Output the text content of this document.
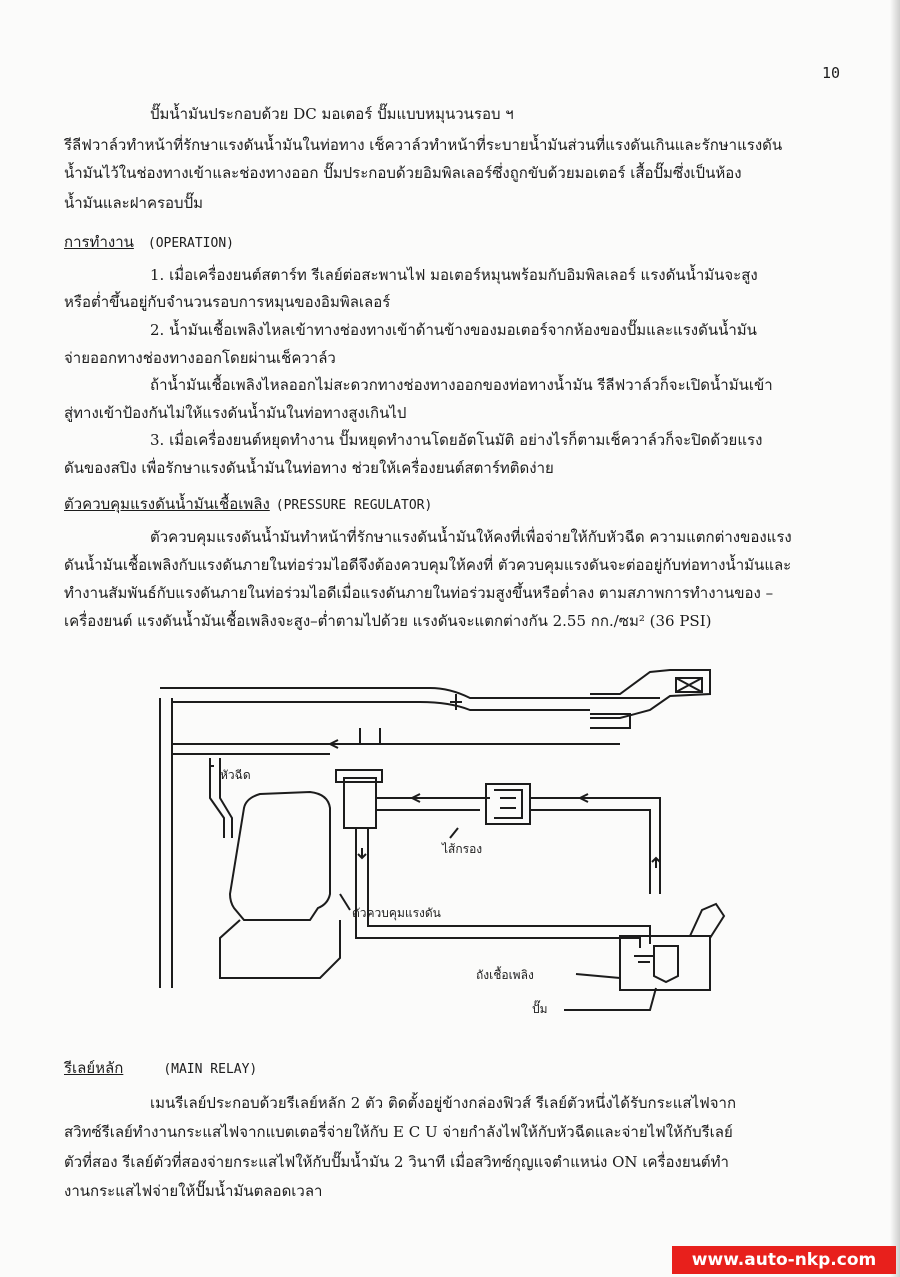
10
ปั๊มน้ำมันประกอบด้วย DC มอเตอร์ ปั๊มแบบหมุนวนรอบ ฯ
รีลีฟวาล์วทำหน้าที่รักษาแรงดันน้ำมันในท่อทาง เช็ควาล์วทำหน้าที่ระบายน้ำมันส่วนที่แรงดันเกินและรักษาแรงดัน
น้ำมันไว้ในช่องทางเข้าและช่องทางออก ปั๊มประกอบด้วยอิมพิลเลอร์ซึ่งถูกขับด้วยมอเตอร์ เสื้อปั๊มซึ่งเป็นห้อง
น้ำมันและฝาครอบปั๊ม
การทำงาน (OPERATION)
1. เมื่อเครื่องยนต์สตาร์ท รีเลย์ต่อสะพานไฟ มอเตอร์หมุนพร้อมกับอิมพิลเลอร์ แรงดันน้ำมันจะสูง
หรือต่ำขึ้นอยู่กับจำนวนรอบการหมุนของอิมพิลเลอร์
2. น้ำมันเชื้อเพลิงไหลเข้าทางช่องทางเข้าด้านข้างของมอเตอร์จากห้องของปั๊มและแรงดันน้ำมัน
จ่ายออกทางช่องทางออกโดยผ่านเช็ควาล์ว
ถ้าน้ำมันเชื้อเพลิงไหลออกไม่สะดวกทางช่องทางออกของท่อทางน้ำมัน รีลีฟวาล์วก็จะเปิดน้ำมันเข้า
สู่ทางเข้าป้องกันไม่ให้แรงดันน้ำมันในท่อทางสูงเกินไป
3. เมื่อเครื่องยนต์หยุดทำงาน ปั๊มหยุดทำงานโดยอัตโนมัติ อย่างไรก็ตามเช็ควาล์วก็จะปิดด้วยแรง
ดันของสปิง เพื่อรักษาแรงดันน้ำมันในท่อทาง ช่วยให้เครื่องยนต์สตาร์ทติดง่าย
ตัวควบคุมแรงดันน้ำมันเชื้อเพลิง (PRESSURE REGULATOR)
ตัวควบคุมแรงดันน้ำมันทำหน้าที่รักษาแรงดันน้ำมันให้คงที่เพื่อจ่ายให้กับหัวฉีด ความแตกต่างของแรง
ดันน้ำมันเชื้อเพลิงกับแรงดันภายในท่อร่วมไอดีจึงต้องควบคุมให้คงที่ ตัวควบคุมแรงดันจะต่ออยู่กับท่อทางน้ำมันและ
ทำงานสัมพันธ์กับแรงดันภายในท่อร่วมไอดีเมื่อแรงดันภายในท่อร่วมสูงขึ้นหรือต่ำลง ตามสภาพการทำงานของ –
เครื่องยนต์ แรงดันน้ำมันเชื้อเพลิงจะสูง–ต่ำตามไปด้วย แรงดันจะแตกต่างกัน 2.55 กก./ซม² (36 PSI)
หัวฉีด
ไส้กรอง
ตัวควบคุมแรงดัน
ถังเชื้อเพลิง
ปั๊ม
รีเลย์หลัก	(MAIN RELAY)
เมนรีเลย์ประกอบด้วยรีเลย์หลัก 2 ตัว ติดตั้งอยู่ข้างกล่องฟิวส์ รีเลย์ตัวหนึ่งได้รับกระแสไฟจาก
สวิทซ์รีเลย์ทำงานกระแสไฟจากแบตเตอรี่จ่ายให้กับ E C U จ่ายกำลังไฟให้กับหัวฉีดและจ่ายไฟให้กับรีเลย์
ตัวที่สอง รีเลย์ตัวที่สองจ่ายกระแสไฟให้กับปั๊มน้ำมัน 2 วินาที เมื่อสวิทซ์กุญแจตำแหน่ง ON เครื่องยนต์ทำ
งานกระแสไฟจ่ายให้ปั๊มน้ำมันตลอดเวลา
www.auto-nkp.com
